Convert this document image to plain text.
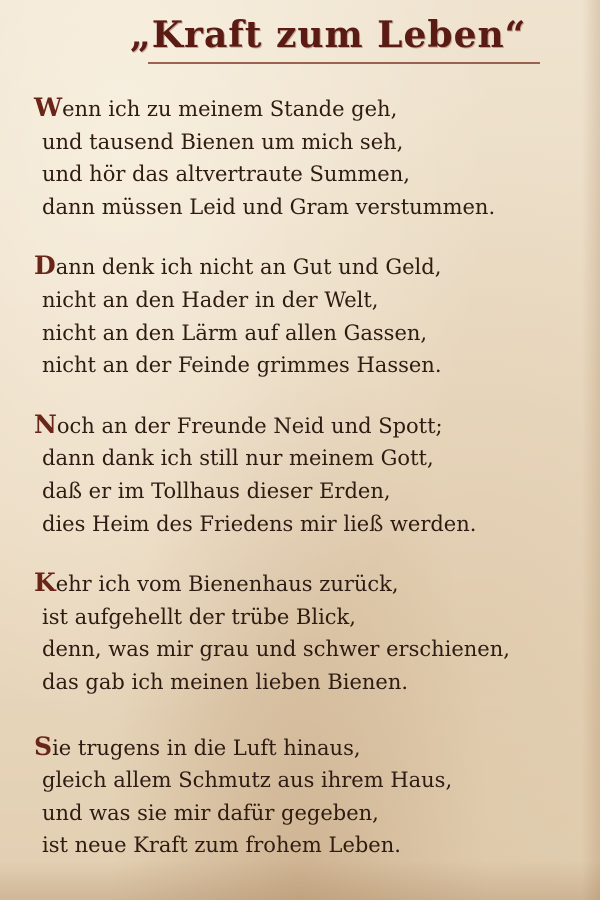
„Kraft zum Leben“
Wenn ich zu meinem Stande geh,
und tausend Bienen um mich seh,
und hör das altvertraute Summen,
dann müssen Leid und Gram verstummen.
Dann denk ich nicht an Gut und Geld,
nicht an den Hader in der Welt,
nicht an den Lärm auf allen Gassen,
nicht an der Feinde grimmes Hassen.
Noch an der Freunde Neid und Spott;
dann dank ich still nur meinem Gott,
daß er im Tollhaus dieser Erden,
dies Heim des Friedens mir ließ werden.
Kehr ich vom Bienenhaus zurück,
ist aufgehellt der trübe Blick,
denn, was mir grau und schwer erschienen,
das gab ich meinen lieben Bienen.
Sie trugens in die Luft hinaus,
gleich allem Schmutz aus ihrem Haus,
und was sie mir dafür gegeben,
ist neue Kraft zum frohem Leben.
